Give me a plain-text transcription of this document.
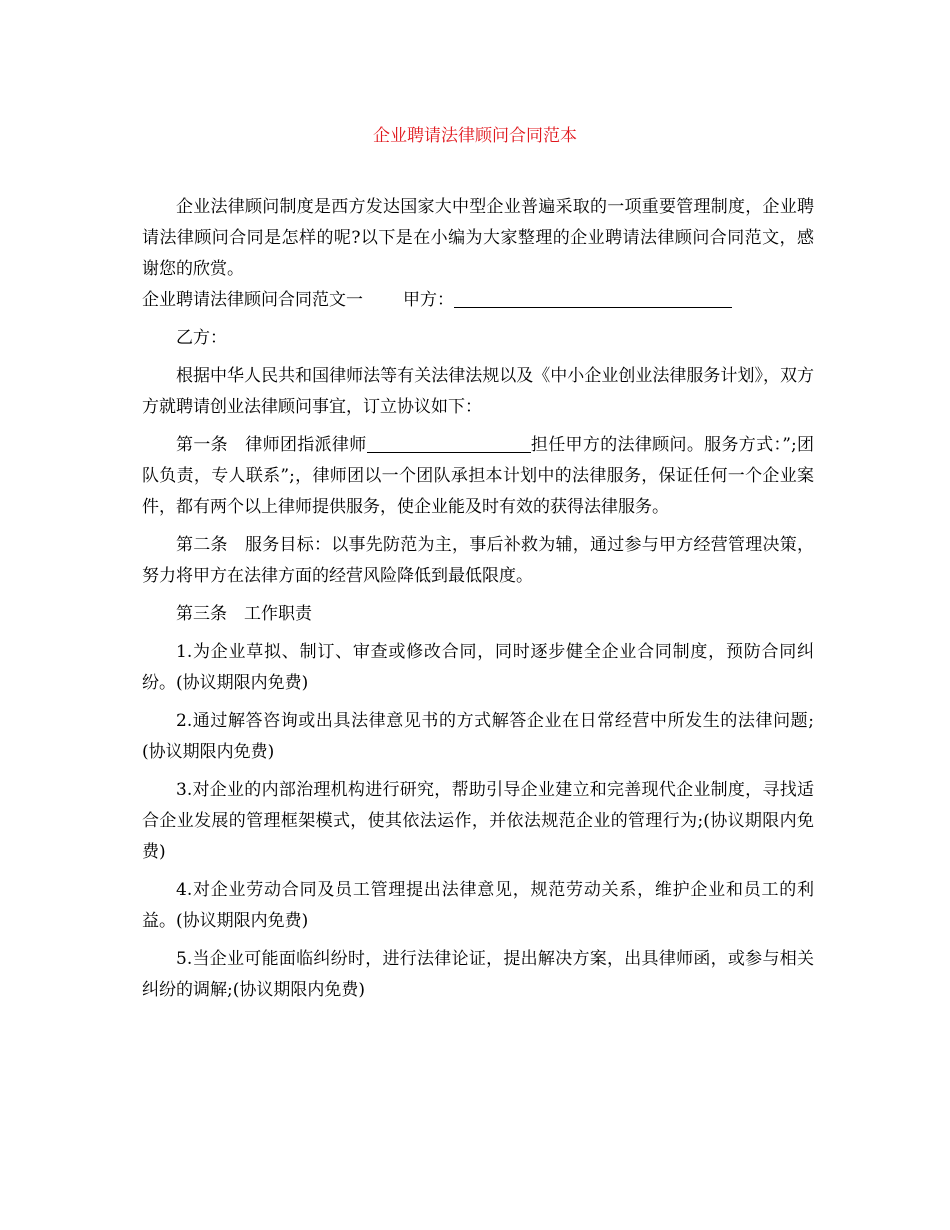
企业聘请法律顾问合同范本

企业法律顾问制度是西方发达国家大中型企业普遍采取的一项重要管理制度，企业聘请法律顾问合同是怎样的呢?以下是在小编为大家整理的企业聘请法律顾问合同范文，感谢您的欣赏。

企业聘请法律顾问合同范文一 甲方：

乙方：

根据中华人民共和国律师法等有关法律法规以及《中小企业创业法律服务计划》，双方方就聘请创业法律顾问事宜，订立协议如下：

第一条 律师团指派律师	担任甲方的法律顾问。服务方式：”;团队负责，专人联系”;，律师团以一个团队承担本计划中的法律服务，保证任何一个企业案件，都有两个以上律师提供服务，使企业能及时有效的获得法律服务。

第二条 服务目标：以事先防范为主，事后补救为辅，通过参与甲方经营管理决策，努力将甲方在法律方面的经营风险降低到最低限度。

第三条 工作职责

1.为企业草拟、制订、审查或修改合同，同时逐步健全企业合同制度，预防合同纠纷。(协议期限内免费)

2.通过解答咨询或出具法律意见书的方式解答企业在日常经营中所发生的法律问题;(协议期限内免费)

3.对企业的内部治理机构进行研究，帮助引导企业建立和完善现代企业制度，寻找适合企业发展的管理框架模式，使其依法运作，并依法规范企业的管理行为;(协议期限内免费)

4.对企业劳动合同及员工管理提出法律意见，规范劳动关系，维护企业和员工的利益。(协议期限内免费)

5.当企业可能面临纠纷时，进行法律论证，提出解决方案，出具律师函，或参与相关纠纷的调解;(协议期限内免费)
